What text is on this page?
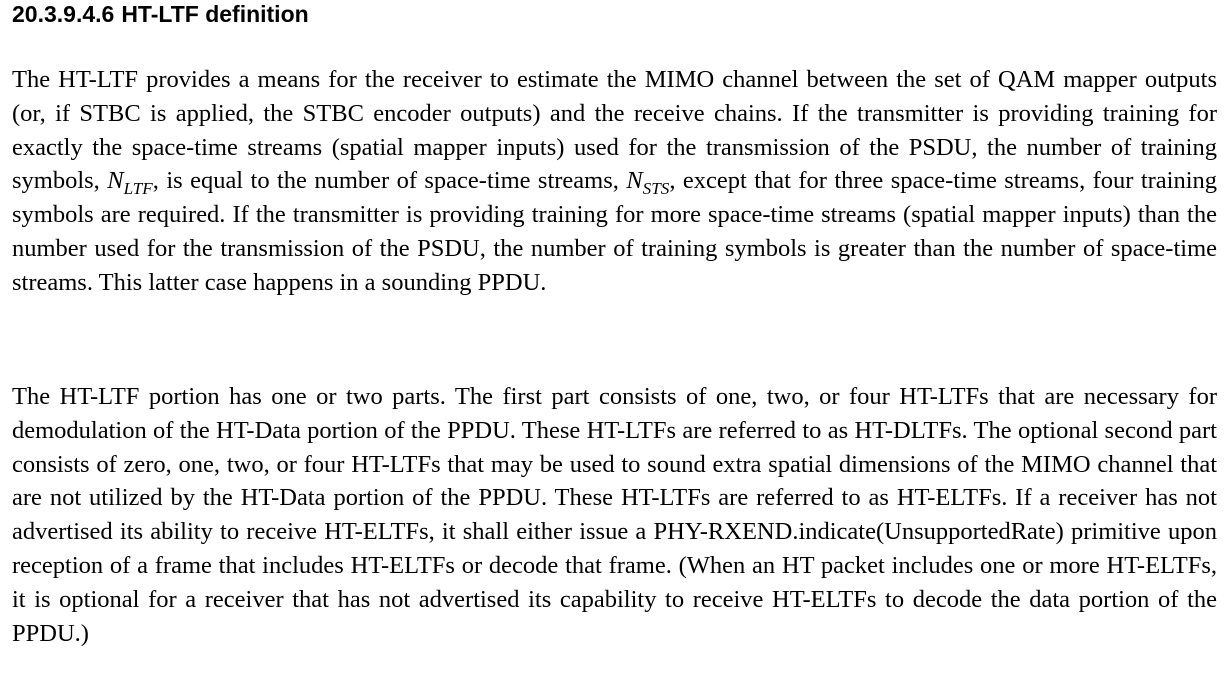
20.3.9.4.6 HT-LTF definition

The HT-LTF provides a means for the receiver to estimate the MIMO channel between the set of QAM mapper outputs (or, if STBC is applied, the STBC encoder outputs) and the receive chains. If the transmitter is providing training for exactly the space-time streams (spatial mapper inputs) used for the transmission of the PSDU, the number of training symbols, $N_{LTF}$, is equal to the number of space-time streams, $N_{STS}$, except that for three space-time streams, four training symbols are required. If the transmitter is providing training for more space-time streams (spatial mapper inputs) than the number used for the transmission of the PSDU, the number of training symbols is greater than the number of space-time streams. This latter case happens in a sounding PPDU.

The HT-LTF portion has one or two parts. The first part consists of one, two, or four HT-LTFs that are necessary for demodulation of the HT-Data portion of the PPDU. These HT-LTFs are referred to as HT-DLTFs. The optional second part consists of zero, one, two, or four HT-LTFs that may be used to sound extra spatial dimensions of the MIMO channel that are not utilized by the HT-Data portion of the PPDU. These HT-LTFs are referred to as HT-ELTFs. If a receiver has not advertised its ability to receive HT-ELTFs, it shall either issue a PHY-RXEND.indicate(UnsupportedRate) primitive upon reception of a frame that includes HT-ELTFs or decode that frame. (When an HT packet includes one or more HT-ELTFs, it is optional for a receiver that has not advertised its capability to receive HT-ELTFs to decode the data portion of the PPDU.)
